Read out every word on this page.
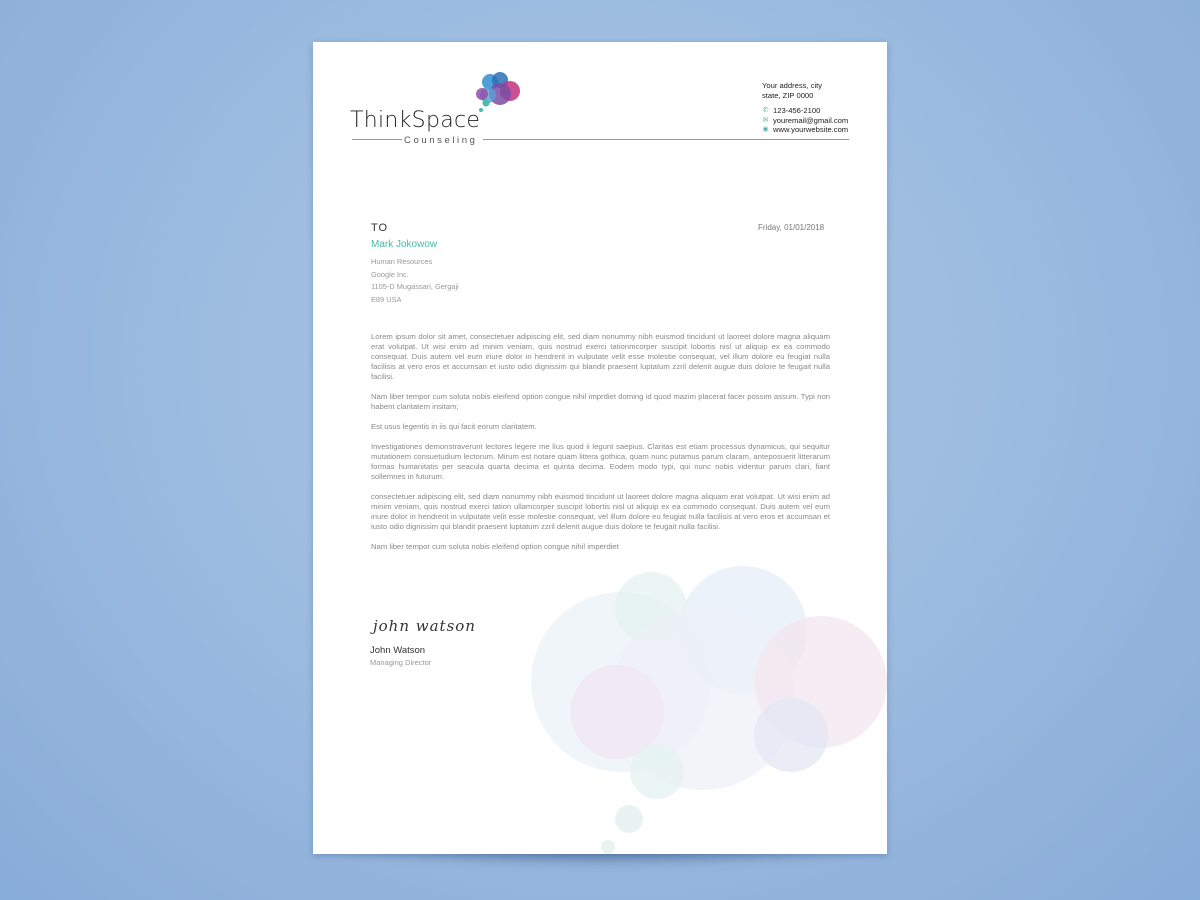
ThinkSpace
Counseling
Your address, city
state, ZIP 0000
✆ 123-456-2100
✉ youremail@gmail.com
◉ www.yourwebsite.com
TO	Friday, 01/01/2018
Mark Jokowow
Human Resources
Google Inc.
1105-D Mugassari, Gergaji
E89 USA

Lorem ipsum dolor sit amet, consectetuer adipiscing elit, sed diam nonummy nibh euismod tincidunt ut laoreet dolore magna aliquam erat volutpat. Ut wisi enim ad minim veniam, quis nostrud exerci tationmcorper suscipit lobortis nisl ut aliquip ex ea commodo consequat. Duis autem vel eum iriure dolor in hendrerit in vulputate velit esse molestie consequat, vel illum dolore eu feugiat nulla facilisis at vero eros et accumsan et iusto odio dignissim qui blandit praesent luptatum zzril delenit augue duis dolore te feugait nulla facilisi.

Nam liber tempor cum soluta nobis eleifend option congue nihil imprdiet doming id quod mazim placerat facer possim assum. Typi non habent claritatem insitam;

Est usus legentis in iis qui facit eorum claritatem.

Investigationes demonstraverunt lectores legere me lius quod ii legunt saepius. Claritas est etiam processus dynamicus, qui sequitur mutationem consuetudium lectorum. Mirum est notare quam littera gothica, quam nunc putamus parum claram, anteposuerit litterarum formas humanitatis per seacula quarta decima et quinta decima. Eodem modo typi, qui nunc nobis videntur parum clari, fiant sollemnes in futurum.

consectetuer adipiscing elit, sed diam nonummy nibh euismod tincidunt ut laoreet dolore magna aliquam erat volutpat. Ut wisi enim ad minim veniam, quis nostrud exerci tation ullamcorper suscipit lobortis nisl ut aliquip ex ea commodo consequat. Duis autem vel eum iriure dolor in hendrerit in vulputate velit esse molestie consequat, vel illum dolore eu feugiat nulla facilisis at vero eros et accumsan et iusto odio dignissim qui blandit praesent luptatum zzril delenit augue duis dolore te feugait nulla facilisi.

Nam liber tempor cum soluta nobis eleifend option congue nihil imperdiet

john watson
John Watson
Managing Director
